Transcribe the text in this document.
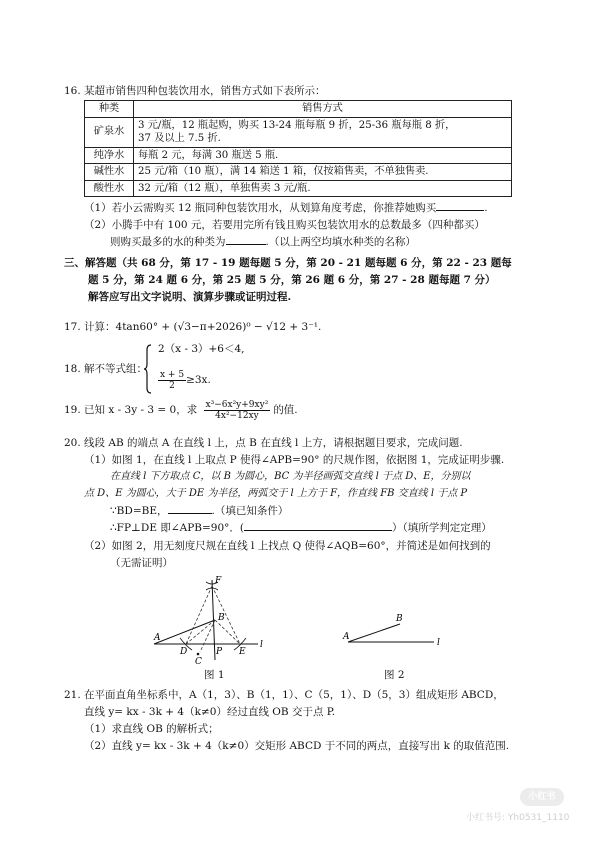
16. 某超市销售四种包装饮用水，销售方式如下表所示：
种类	销售方式
矿泉水	3 元/瓶，12 瓶起购，购买 13-24 瓶每瓶 9 折，25-36 瓶每瓶 8 折，
37 及以上 7.5 折.

纯净水	每瓶 2 元，每满 30 瓶送 5 瓶.
碱性水	25 元/箱（10 瓶），满 14 箱送 1 箱，仅按箱售卖，不单独售卖.
酸性水	32 元/箱（12 瓶），单独售卖 3 元/瓶.
（1）若小云需购买 12 瓶同种包装饮用水，从划算角度考虑，你推荐她购买	.
（2）小腾手中有 100 元，若要用完所有钱且购买包装饮用水的总数最多（四种都买）
则购买最多的水的种类为	.（以上两空均填水种类的名称）
三、解答题（共 68 分，第 17 - 19 题每题 5 分，第 20 - 21 题每题 6 分，第 22 - 23 题每
题 5 分，第 24 题 6 分，第 25 题 5 分，第 26 题 6 分，第 27 - 28 题每题 7 分）
解答应写出文字说明、演算步骤或证明过程.
17. 计算：4tan60° + (√3−π+2026)⁰ − √12 + 3⁻¹.
18. 解不等式组：
2（x - 3）+6＜4,
$\frac{x + 5}{2} \ge 3x$.
19. 已知 x - 3y - 3 = 0，求 $\frac{\text{x³−6x²y+9xy²}}{\text{4x²−12xy}}$ 的值.
20. 线段 AB 的端点 A 在直线 l 上，点 B 在直线 l 上方，请根据题目要求，完成问题.
（1）如图 1，在直线 l 上取点 P 使得∠APB=90° 的尺规作图，依据图 1，完成证明步骤.
在直线 l 下方取点 C，以 B 为圆心，BC 为半径画弧交直线 l 于点 D、E，分别以
点 D、E 为圆心，大于 DE 为半径，两弧交于 l 上方于 F，作直线 FB 交直线 l 于点 P
∵BD=BE，	.（填已知条件）
∴FP⊥DE 即∠APB=90°．(	）（填所学判定定理）
（2）如图 2，用无刻度尺规在直线 l 上找点 Q 使得∠AQB=60°，并简述是如何找到的
（无需证明）
F
B
A
D	P E
C
l
图 1
A
B
l
图 2
21. 在平面直角坐标系中，A（1，3）、B（1，1）、C（5，1）、D（5，3）组成矩形 ABCD，
直线 y= kx - 3k + 4（k≠0）经过直线 OB 交于点 P.
（1）求直线 OB 的解析式；
（2）直线 y= kx - 3k + 4（k≠0）交矩形 ABCD 于不同的两点，直接写出 k 的取值范围.
小红书
小红书号: Yh0531_1110
